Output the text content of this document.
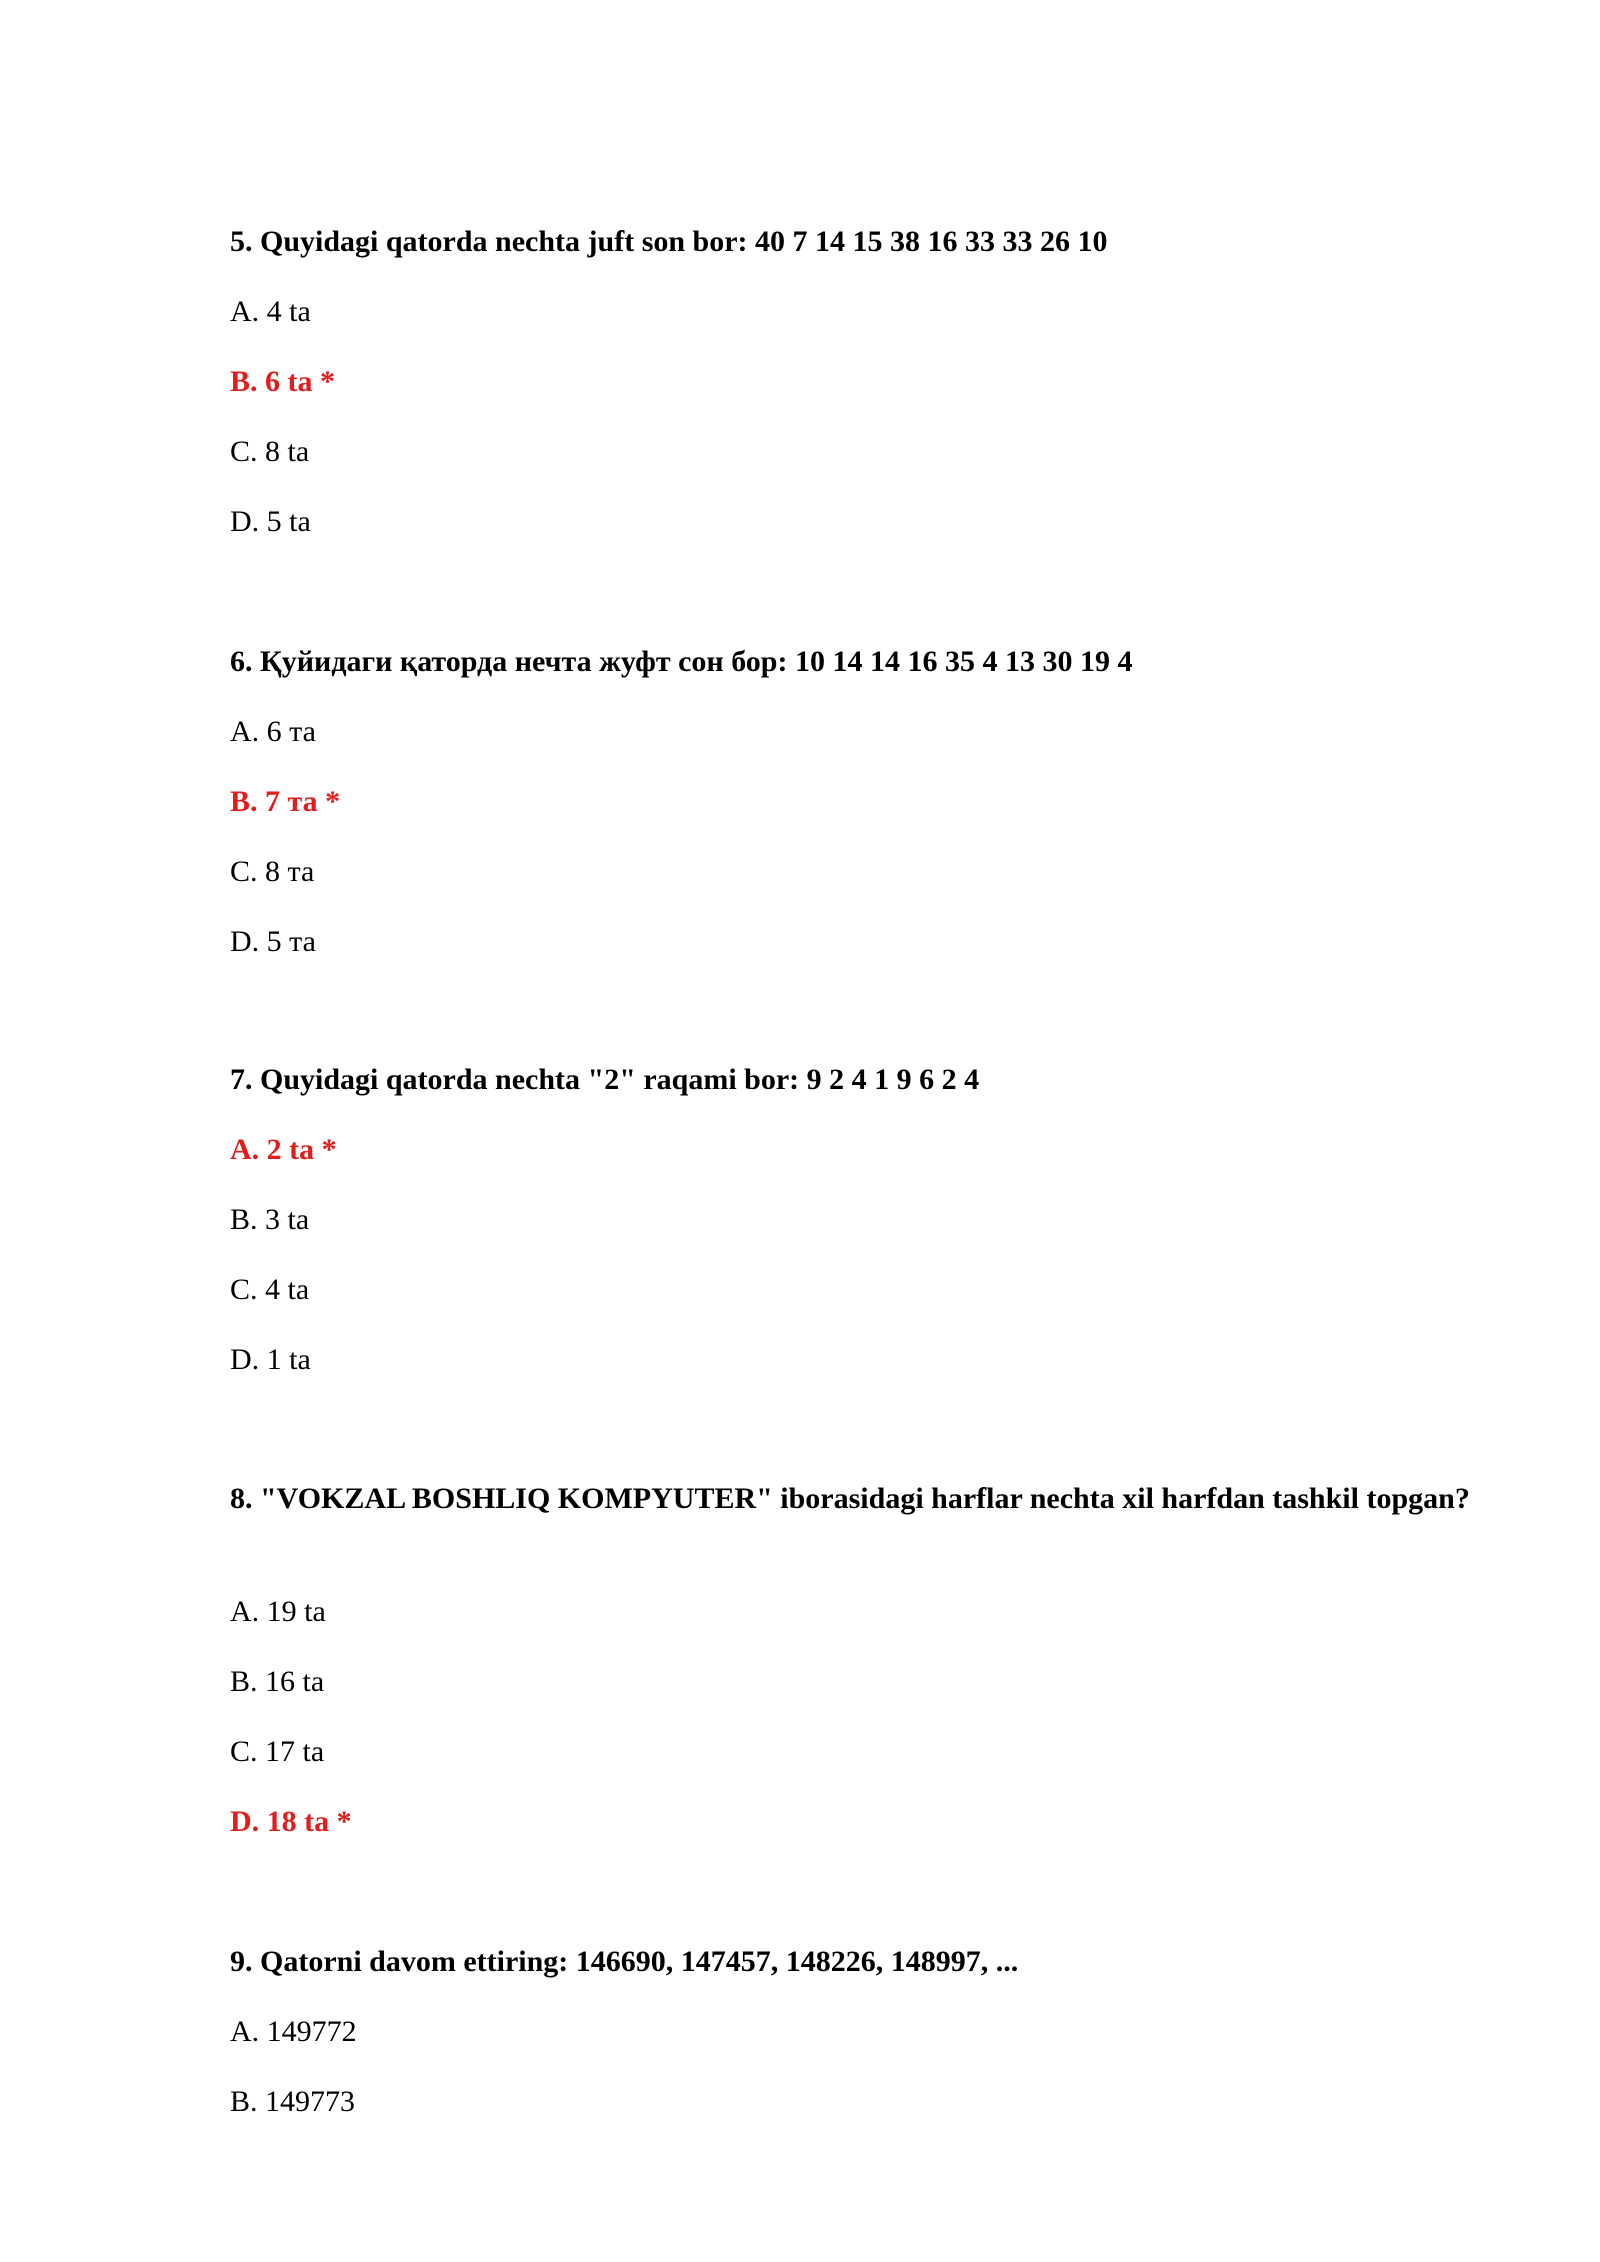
5. Quyidagi qatorda nechta juft son bor: 40 7 14 15 38 16 33 33 26 10

A. 4 ta

B. 6 ta *

C. 8 ta

D. 5 ta

6. Қуйидаги қаторда нечта жуфт сон бор: 10 14 14 16 35 4 13 30 19 4

A. 6 та

B. 7 та *

C. 8 та

D. 5 та

7. Quyidagi qatorda nechta "2" raqami bor: 9 2 4 1 9 6 2 4

A. 2 ta *

B. 3 ta

C. 4 ta

D. 1 ta

8. "VOKZAL BOSHLIQ KOMPYUTER" iborasidagi harflar nechta xil harfdan tashkil topgan?

A. 19 ta

B. 16 ta

C. 17 ta

D. 18 ta *

9. Qatorni davom ettiring: 146690, 147457, 148226, 148997, ...

A. 149772

B. 149773
